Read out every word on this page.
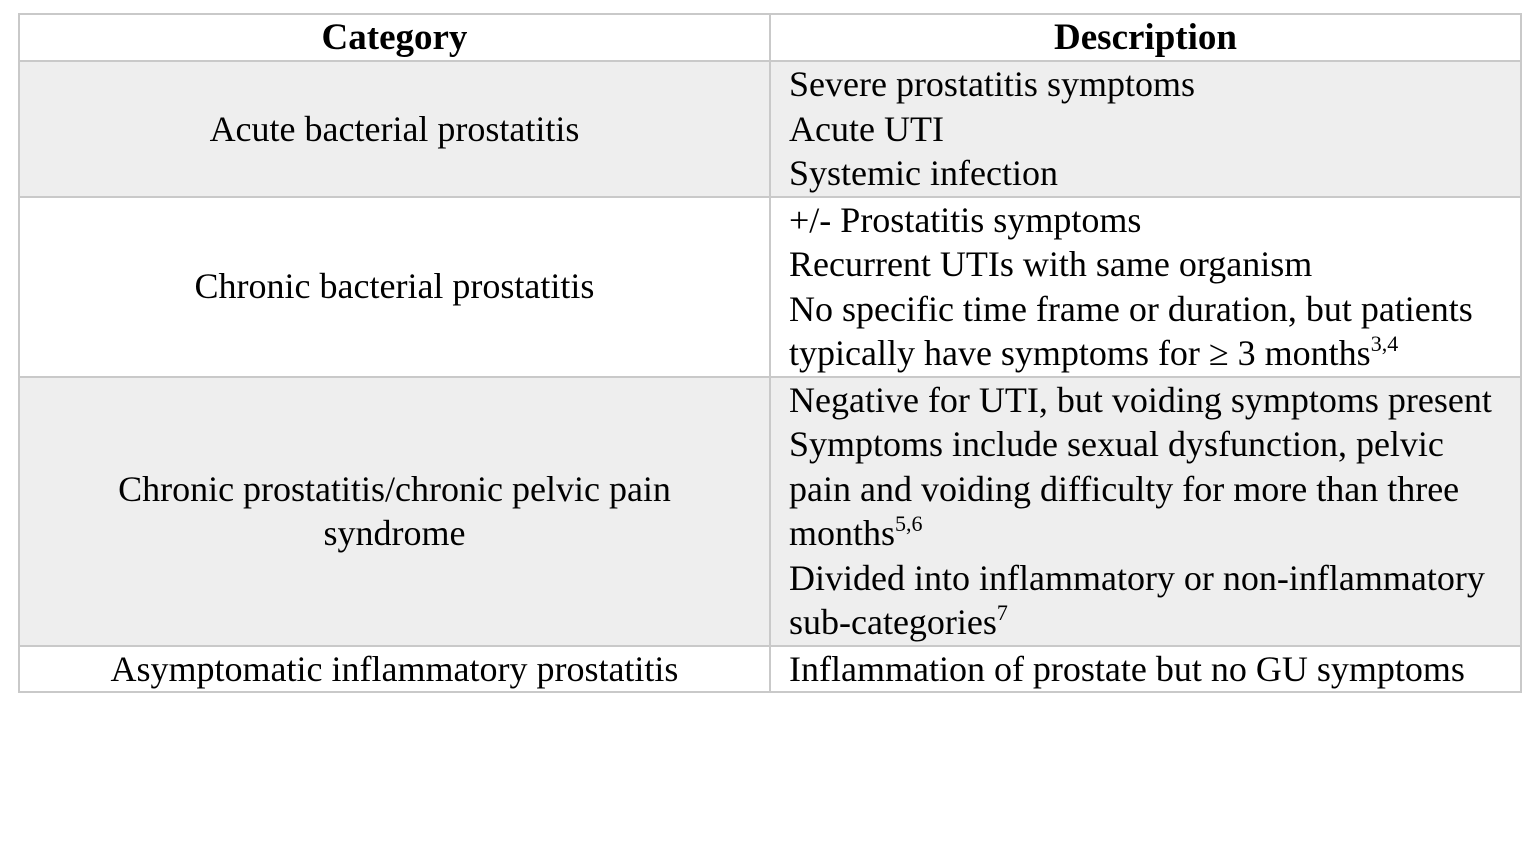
Category	Description
Acute bacterial prostatitis	Severe prostatitis symptoms
Acute UTI
Systemic infection

Chronic bacterial prostatitis	+/- Prostatitis symptoms
Recurrent UTIs with same organism
No specific time frame or duration, but patients typically have symptoms for ≥ 3 months$^{3,4}$

Chronic prostatitis/chronic pelvic pain syndrome	Negative for UTI, but voiding symptoms present
Symptoms include sexual dysfunction, pelvic pain and voiding difficulty for more than three months$^{5,6}$
Divided into inflammatory or non-inflammatory sub-categories$^7$

Asymptomatic inflammatory prostatitis	Inflammation of prostate but no GU symptoms
